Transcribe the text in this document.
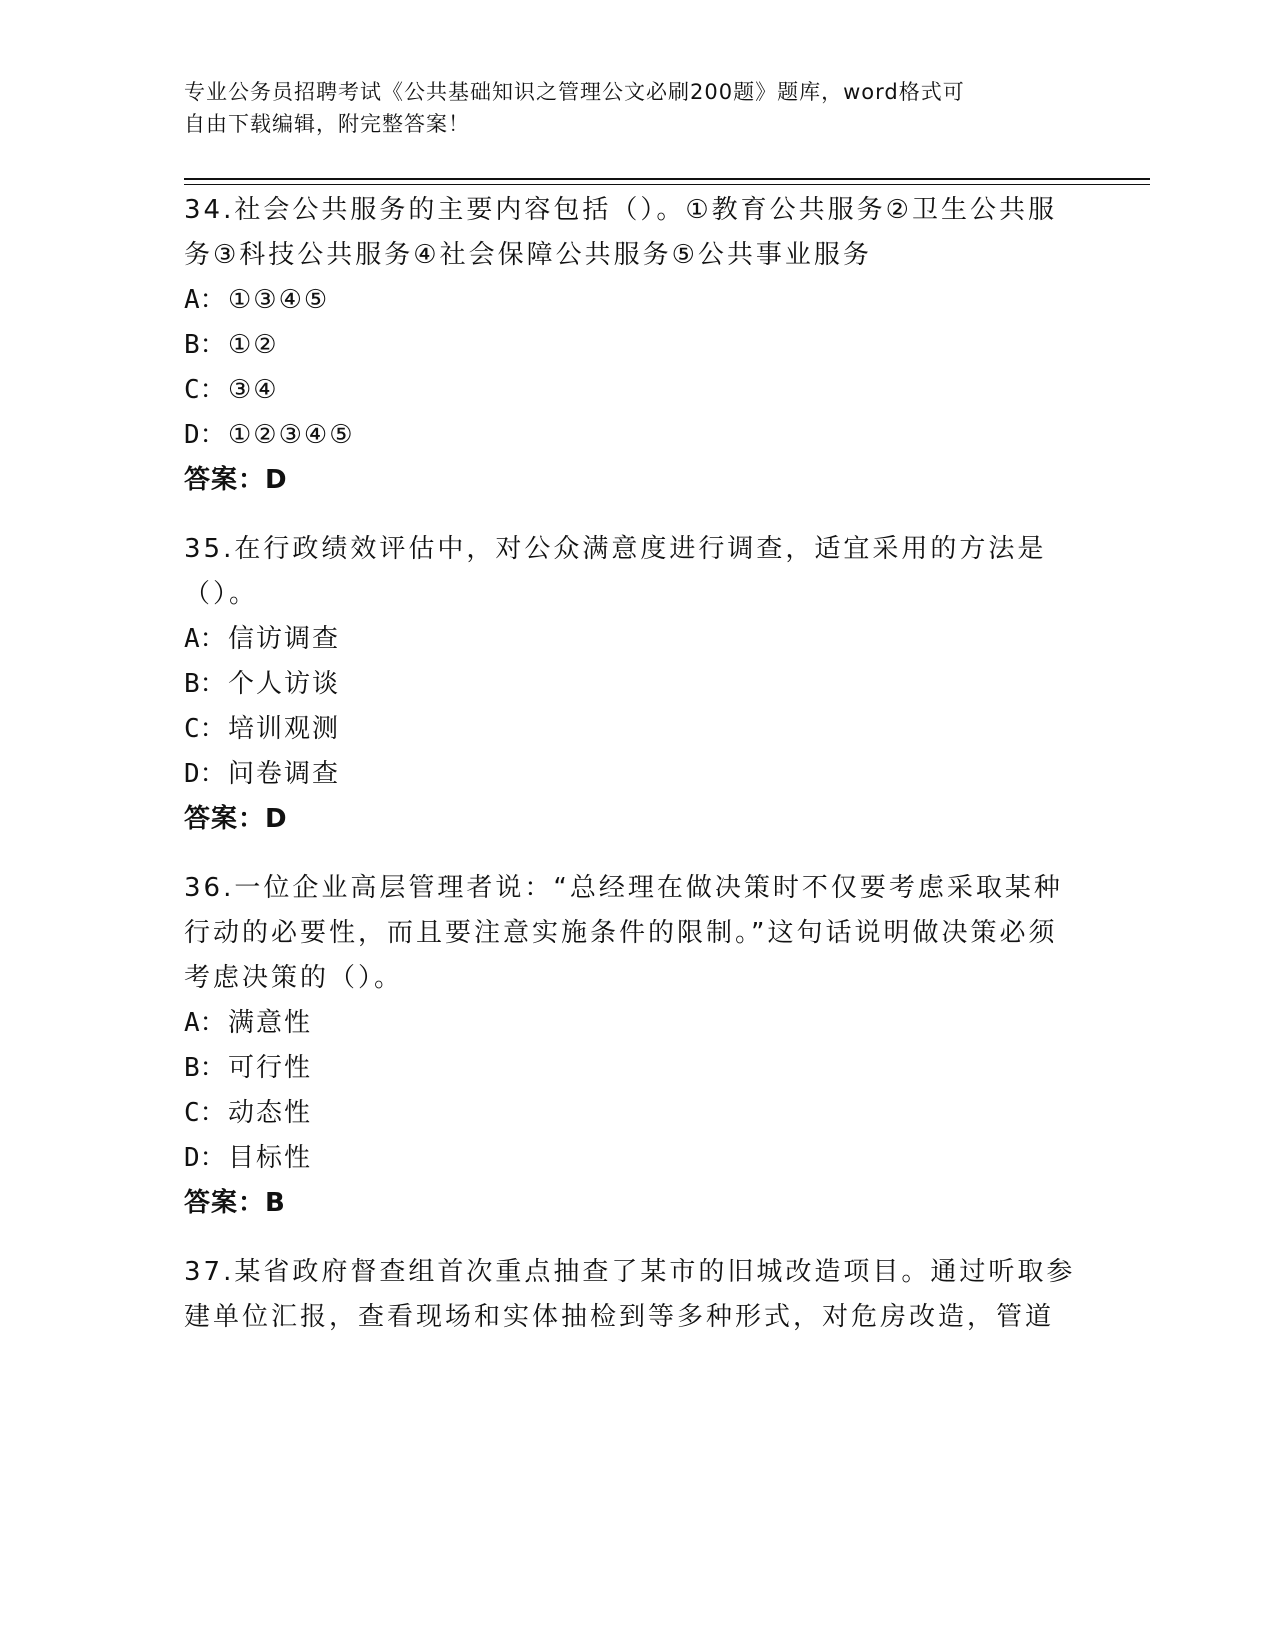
专业公务员招聘考试《公共基础知识之管理公文必刷200题》题库，word格式可
自由下载编辑，附完整答案！

34.社会公共服务的主要内容包括（）。①教育公共服务②卫生公共服务③科技公共服务④社会保障公共服务⑤公共事业服务

A：①③④⑤

B：①②

C：③④

D：①②③④⑤

答案：D

35.在行政绩效评估中，对公众满意度进行调查，适宜采用的方法是（）。

A：信访调查

B：个人访谈

C：培训观测

D：问卷调查

答案：D

36.一位企业高层管理者说：“总经理在做决策时不仅要考虑采取某种行动的必要性，而且要注意实施条件的限制。”这句话说明做决策必须考虑决策的（）。

A：满意性

B：可行性

C：动态性

D：目标性

答案：B

37.某省政府督查组首次重点抽查了某市的旧城改造项目。通过听取参建单位汇报，查看现场和实体抽检到等多种形式，对危房改造，管道
